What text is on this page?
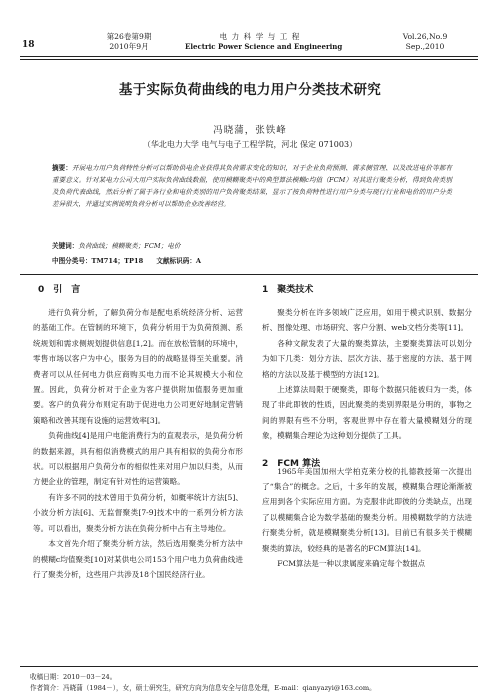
18
第26卷第9期
2010年9月
电 力 科 学 与 工 程
Electric Power Science and Engineering
Vol.26,No.9
Sep.,2010
基于实际负荷曲线的电力用户分类技术研究
冯晓蒲，张铁峰
（华北电力大学 电气与电子工程学院，河北 保定 071003）
摘要：开展电力用户负荷特性分析可以帮助供电企业获得其负荷需求变化的知识，对于企业负荷预测、需求侧管理、以及改进电价等都有重要意义。针对某电力公司大用户实际负荷曲线数据，使用模糊聚类中的典型算法模糊c均值（FCM）对其进行聚类分析，得到负荷类别及负荷代表曲线，然后分析了属于各行业和电价类别的用户负荷聚类结果，显示了按负荷特性进行用户分类与现行行业和电价的用户分类差异很大，并通过实例说明负荷分析可以帮助企业改善经营。
关键词：负荷曲线；模糊聚类；FCM；电价
中图分类号：TM714；TP18　　文献标识码：A
0　引　言

进行负荷分析，了解负荷分布是配电系统经济分析、运营的基础工作。在管制的环境下，负荷分析用于为负荷预测、系统规划和需求侧规划提供信息[1,2]。而在放松管制的环境中，零售市场以客户为中心，服务为目的的战略显得至关重要。消费者可以从任何电力供应商购买电力而不论其规模大小和位置。因此，负荷分析对于企业为客户提供附加值服务更加重要。客户的负荷分布则定有助于促进电力公司更好地制定营销策略和改善其现有设施的运营效率[3]。

负荷曲线[4]是用户电能消费行为的直观表示，是负荷分析的数据来源，具有相似消费模式的用户具有相似的负荷分布形状。可以根据用户负荷分布的相似性来对用户加以归类，从而方便企业的管理，制定有针对性的运营策略。

有许多不同的技术曾用于负荷分析，如概率统计方法[5]、小波分析方法[6]、无监督聚类[7-9]技术中的一系列分析方法等。可以看出，聚类分析方法在负荷分析中占有主导地位。

本文首先介绍了聚类分析方法，然后选用聚类分析方法中的模糊c均值聚类[10]对某供电公司153个用户电力负荷曲线进行了聚类分析，这些用户共涉及18个国民经济行业。

1　聚类技术

聚类分析在许多领域广泛应用，如用于模式识别、数据分析、图像处理、市场研究、客户分割、web文档分类等[11]。

各种文献发表了大量的聚类算法，主要聚类算法可以划分为如下几类：划分方法、层次方法、基于密度的方法、基于网格的方法以及基于模型的方法[12]。

上述算法局限于硬聚类，即每个数据只能被归为一类，体现了非此即彼的性质，因此聚类的类别界限是分明的，事物之间的界限有些不分明，客观世界中存在着大量模糊划分的现象，模糊集合理论为这种划分提供了工具。

1965年美国加州大学柏克莱分校的扎德教授第一次提出了“集合”的概念。之后，十多年的发展，模糊集合理论渐渐被应用到各个实际应用方面。为克服非此即彼的分类缺点，出现了以模糊集合论为数学基础的聚类分析。用模糊数学的方法进行聚类分析，就是模糊聚类分析[13]。目前已有很多关于模糊聚类的算法，较经典的是著名的FCM算法[14]。

FCM算法是一种以隶属度来确定每个数据点

2　FCM 算法
收稿日期：2010－03－24。
作者简介：冯晓蒲（1984－），女，硕士研究生，研究方向为信息安全与信息处理，E-mail：qianyazyi@163.com。
